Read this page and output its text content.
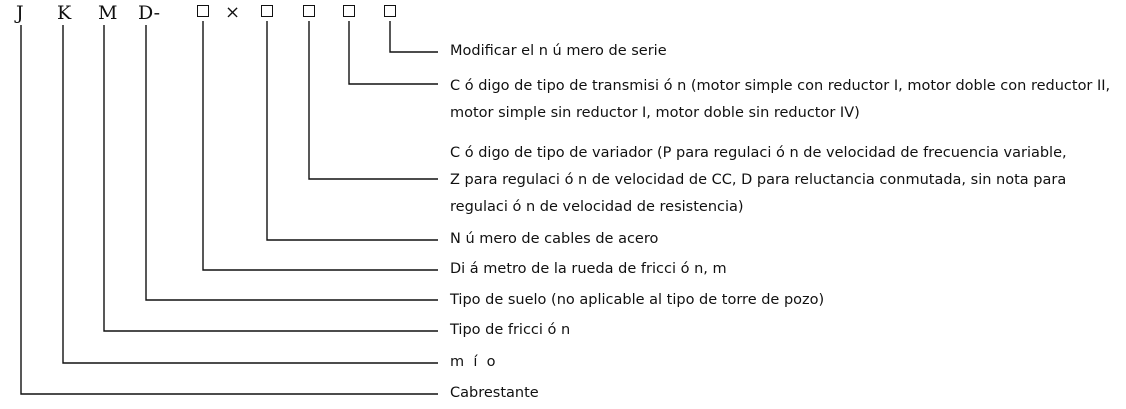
J K M D-	×
Modificar el n ú mero de serie
C ó digo de tipo de transmisi ó n (motor simple con reductor I, motor doble con reductor II,
motor simple sin reductor I, motor doble sin reductor IV)
C ó digo de tipo de variador (P para regulaci ó n de velocidad de frecuencia variable,
Z para regulaci ó n de velocidad de CC, D para reluctancia conmutada, sin nota para
regulaci ó n de velocidad de resistencia)
N ú mero de cables de acero
Di á metro de la rueda de fricci ó n, m
Tipo de suelo (no aplicable al tipo de torre de pozo)
Tipo de fricci ó n
m  í  o
Cabrestante
